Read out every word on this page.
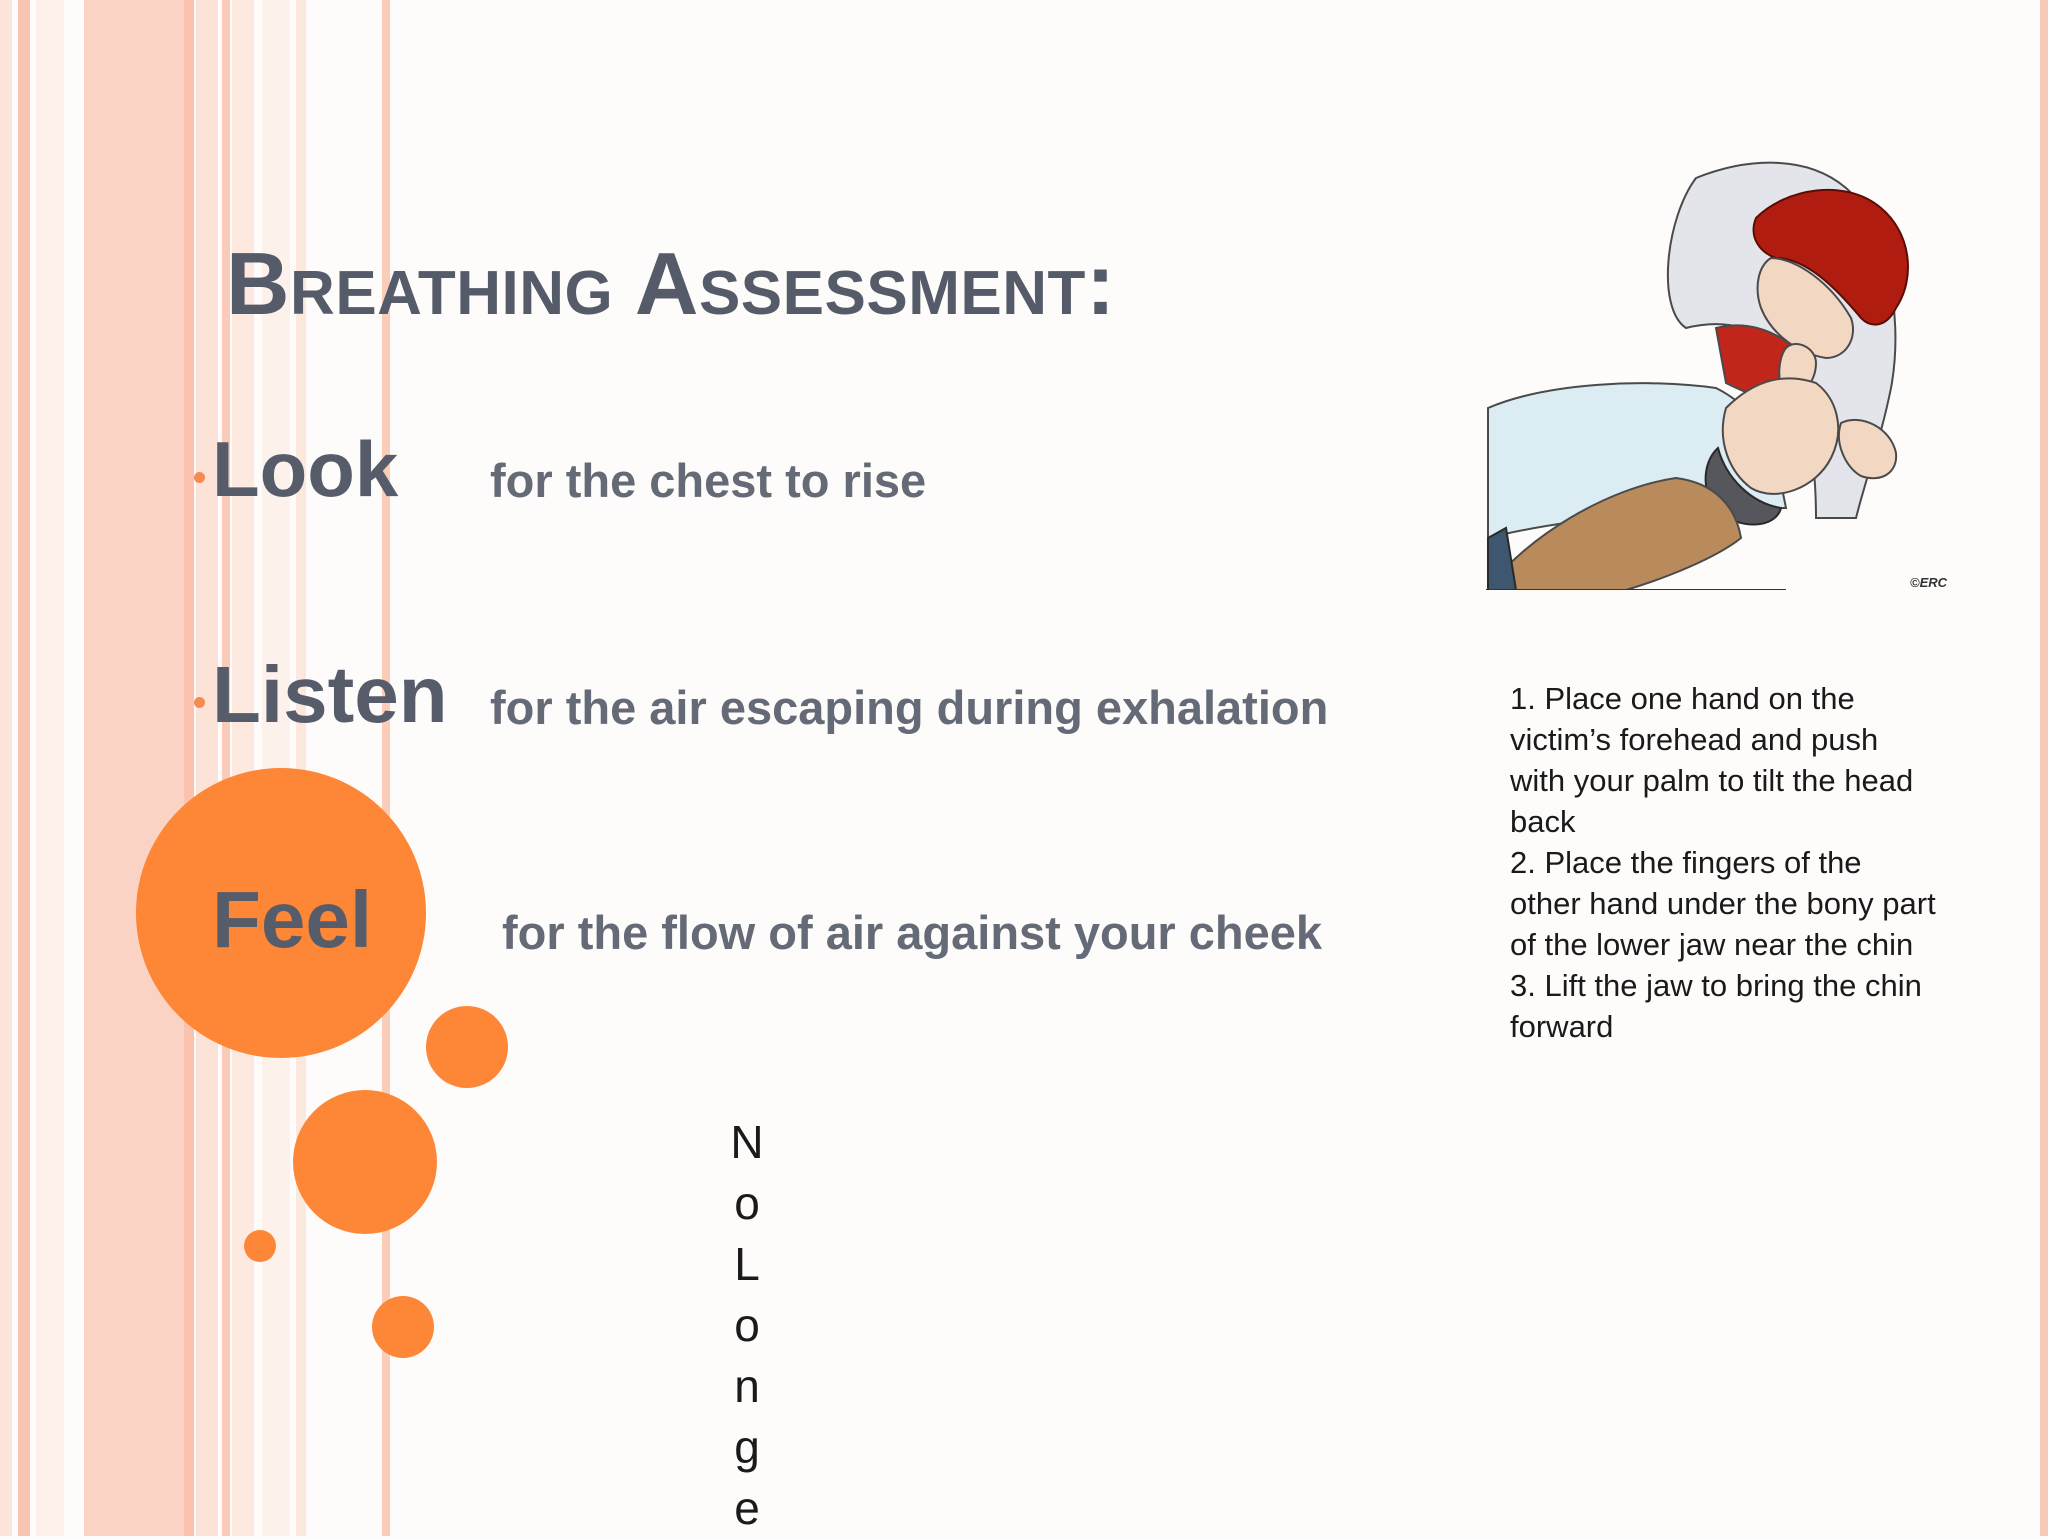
Breathing Assessment:
Look for the chest to rise
Listen for the air escaping during exhalation
Feel	for the flow of air against your cheek
©ERC
1. Place one hand on the victim’s forehead and push with your palm to tilt the head back
2. Place the fingers of the other hand under the bony part of the lower jaw near the chin
3. Lift the jaw to bring the chin forward
N
o
L
o
n
g
e
